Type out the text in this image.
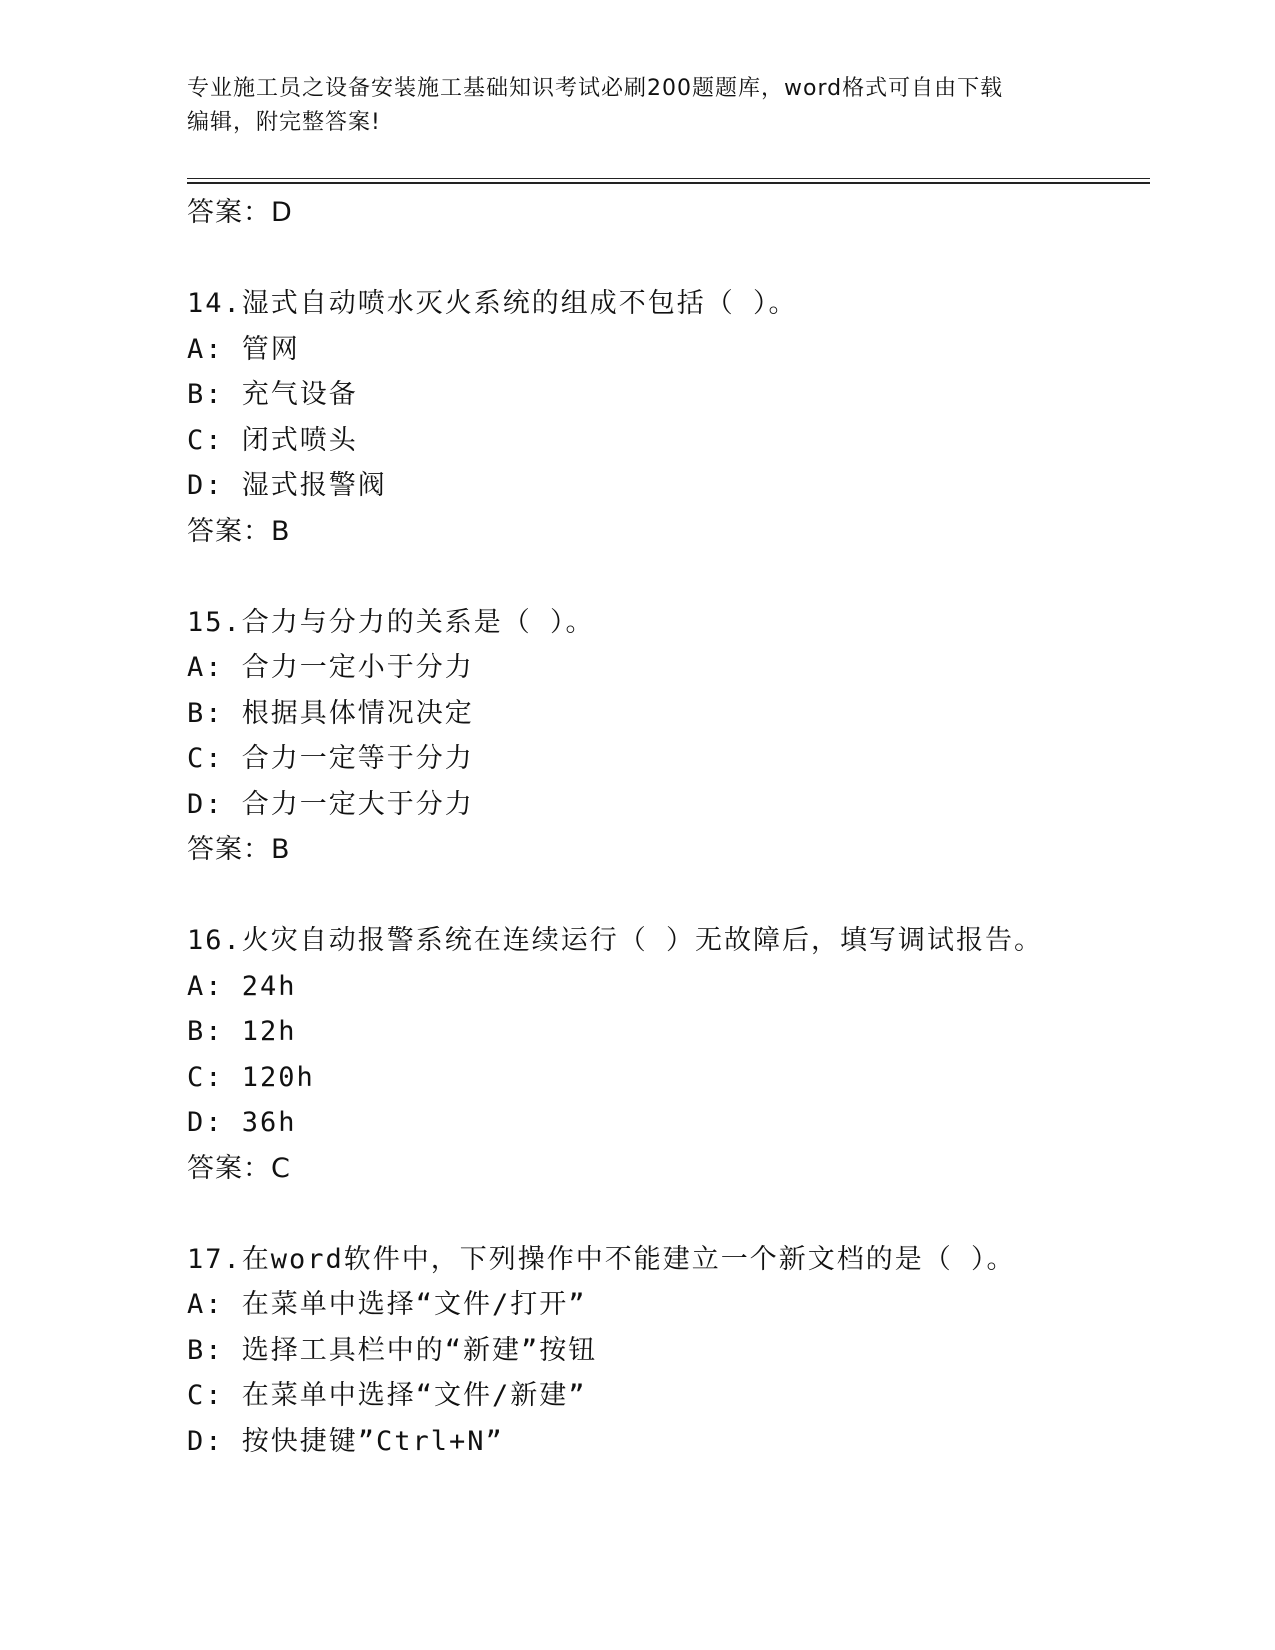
专业施工员之设备安装施工基础知识考试必刷200题题库，word格式可自由下载
编辑，附完整答案!
答案：D
14.湿式自动喷水灭火系统的组成不包括（ ）。
A: 管网
B: 充气设备
C: 闭式喷头
D: 湿式报警阀
答案：B
15.合力与分力的关系是（ ）。
A: 合力一定小于分力
B: 根据具体情况决定
C: 合力一定等于分力
D: 合力一定大于分力
答案：B
16.火灾自动报警系统在连续运行（ ）无故障后，填写调试报告。
A: 24h
B: 12h
C: 120h
D: 36h
答案：C
17.在word软件中，下列操作中不能建立一个新文档的是（ ）。
A: 在菜单中选择“文件/打开”
B: 选择工具栏中的“新建”按钮
C: 在菜单中选择“文件/新建”
D: 按快捷键”Ctrl+N”
